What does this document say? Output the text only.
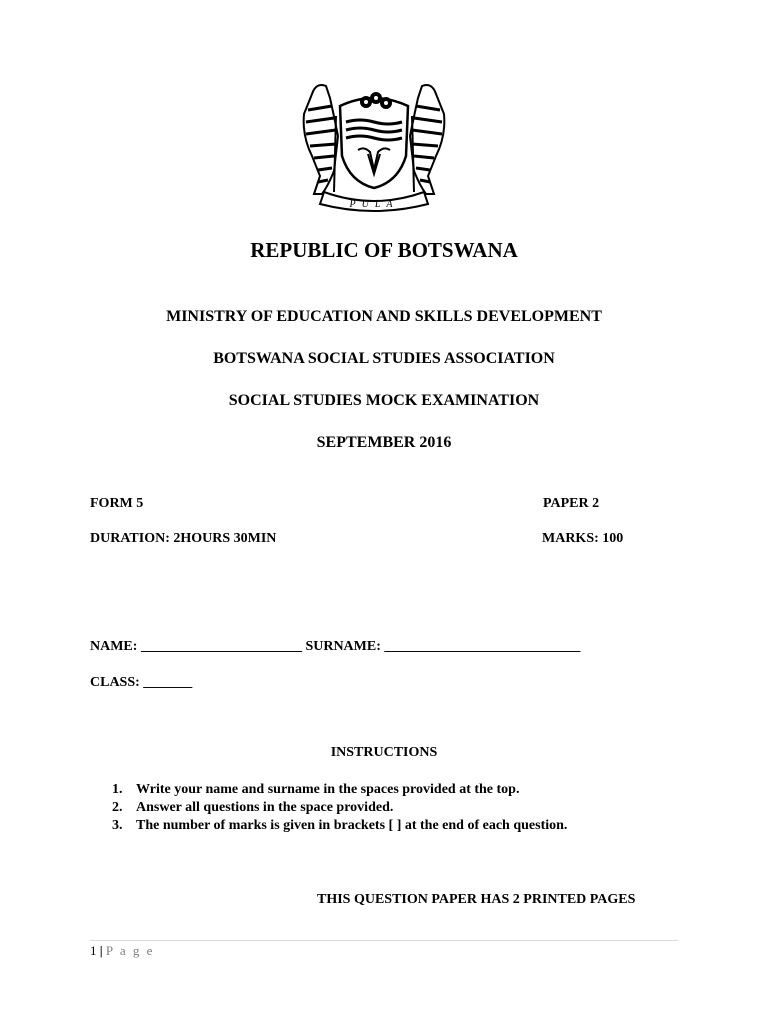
PULA
REPUBLIC OF BOTSWANA
MINISTRY OF EDUCATION AND SKILLS DEVELOPMENT
BOTSWANA SOCIAL STUDIES ASSOCIATION
SOCIAL STUDIES MOCK EXAMINATION
SEPTEMBER 2016
FORM 5	PAPER 2
DURATION: 2HOURS 30MIN	MARKS: 100
NAME: _______________________ SURNAME: ____________________________
CLASS: _______
INSTRUCTIONS
1. Write your name and surname in the spaces provided at the top.
2. Answer all questions in the space provided.
3. The number of marks is given in brackets [ ] at the end of each question.
THIS QUESTION PAPER HAS 2 PRINTED PAGES
1 | P a g e
